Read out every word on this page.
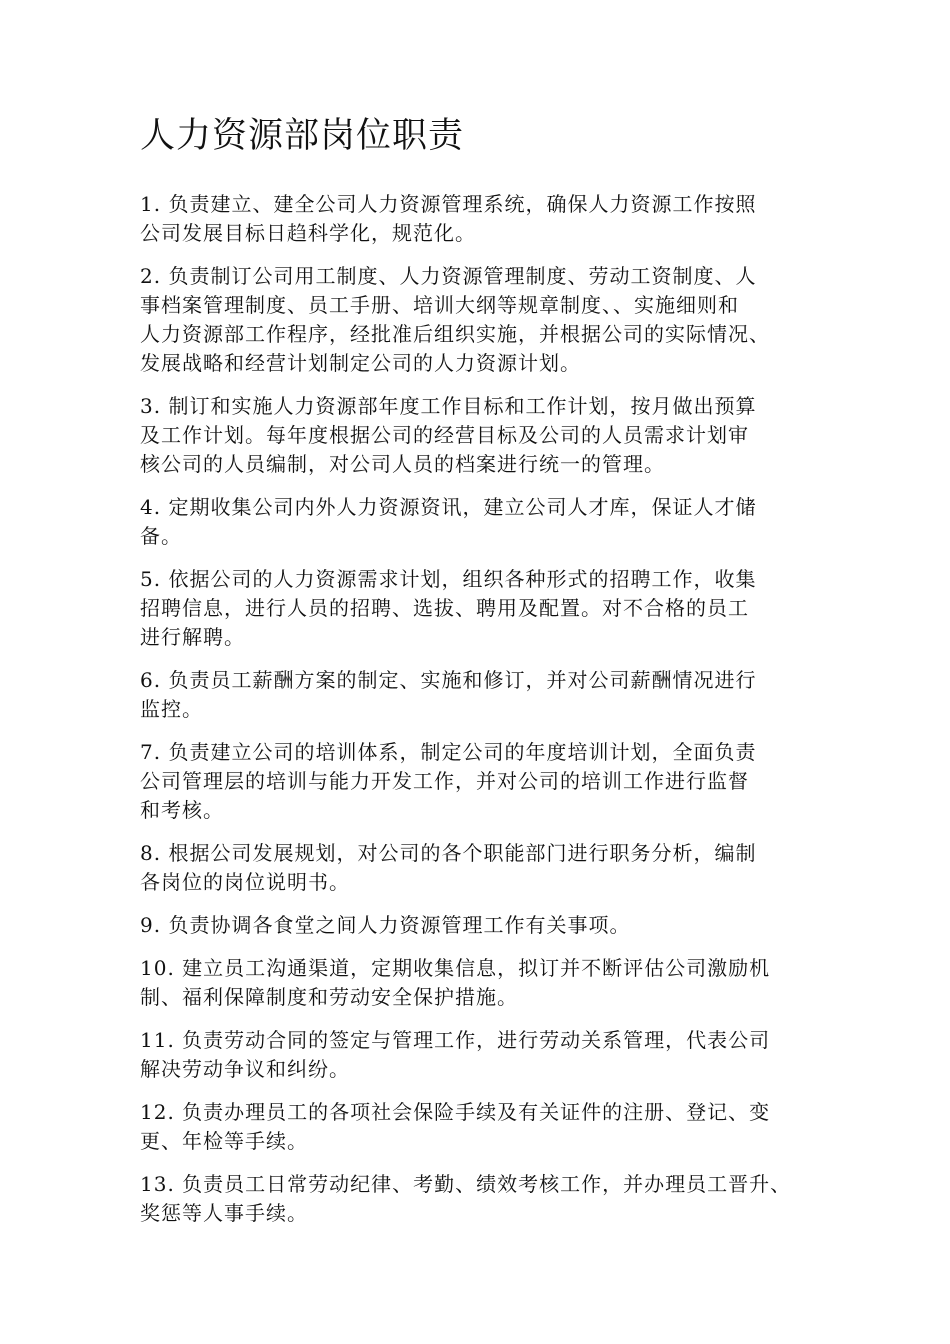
人力资源部岗位职责

1. 负责建立、建全公司人力资源管理系统，确保人力资源工作按照
公司发展目标日趋科学化，规范化。

2. 负责制订公司用工制度、人力资源管理制度、劳动工资制度、人
事档案管理制度、员工手册、培训大纲等规章制度、、实施细则和
人力资源部工作程序，经批准后组织实施，并根据公司的实际情况、
发展战略和经营计划制定公司的人力资源计划。

3. 制订和实施人力资源部年度工作目标和工作计划，按月做出预算
及工作计划。每年度根据公司的经营目标及公司的人员需求计划审
核公司的人员编制，对公司人员的档案进行统一的管理。

4. 定期收集公司内外人力资源资讯，建立公司人才库，保证人才储
备。

5. 依据公司的人力资源需求计划，组织各种形式的招聘工作，收集
招聘信息，进行人员的招聘、选拔、聘用及配置。对不合格的员工
进行解聘。

6. 负责员工薪酬方案的制定、实施和修订，并对公司薪酬情况进行
监控。

7. 负责建立公司的培训体系，制定公司的年度培训计划，全面负责
公司管理层的培训与能力开发工作，并对公司的培训工作进行监督
和考核。

8. 根据公司发展规划，对公司的各个职能部门进行职务分析，编制
各岗位的岗位说明书。

9. 负责协调各食堂之间人力资源管理工作有关事项。

10. 建立员工沟通渠道，定期收集信息，拟订并不断评估公司激励机
制、福利保障制度和劳动安全保护措施。

11. 负责劳动合同的签定与管理工作，进行劳动关系管理，代表公司
解决劳动争议和纠纷。

12. 负责办理员工的各项社会保险手续及有关证件的注册、登记、变
更、年检等手续。

13. 负责员工日常劳动纪律、考勤、绩效考核工作，并办理员工晋升、
奖惩等人事手续。
